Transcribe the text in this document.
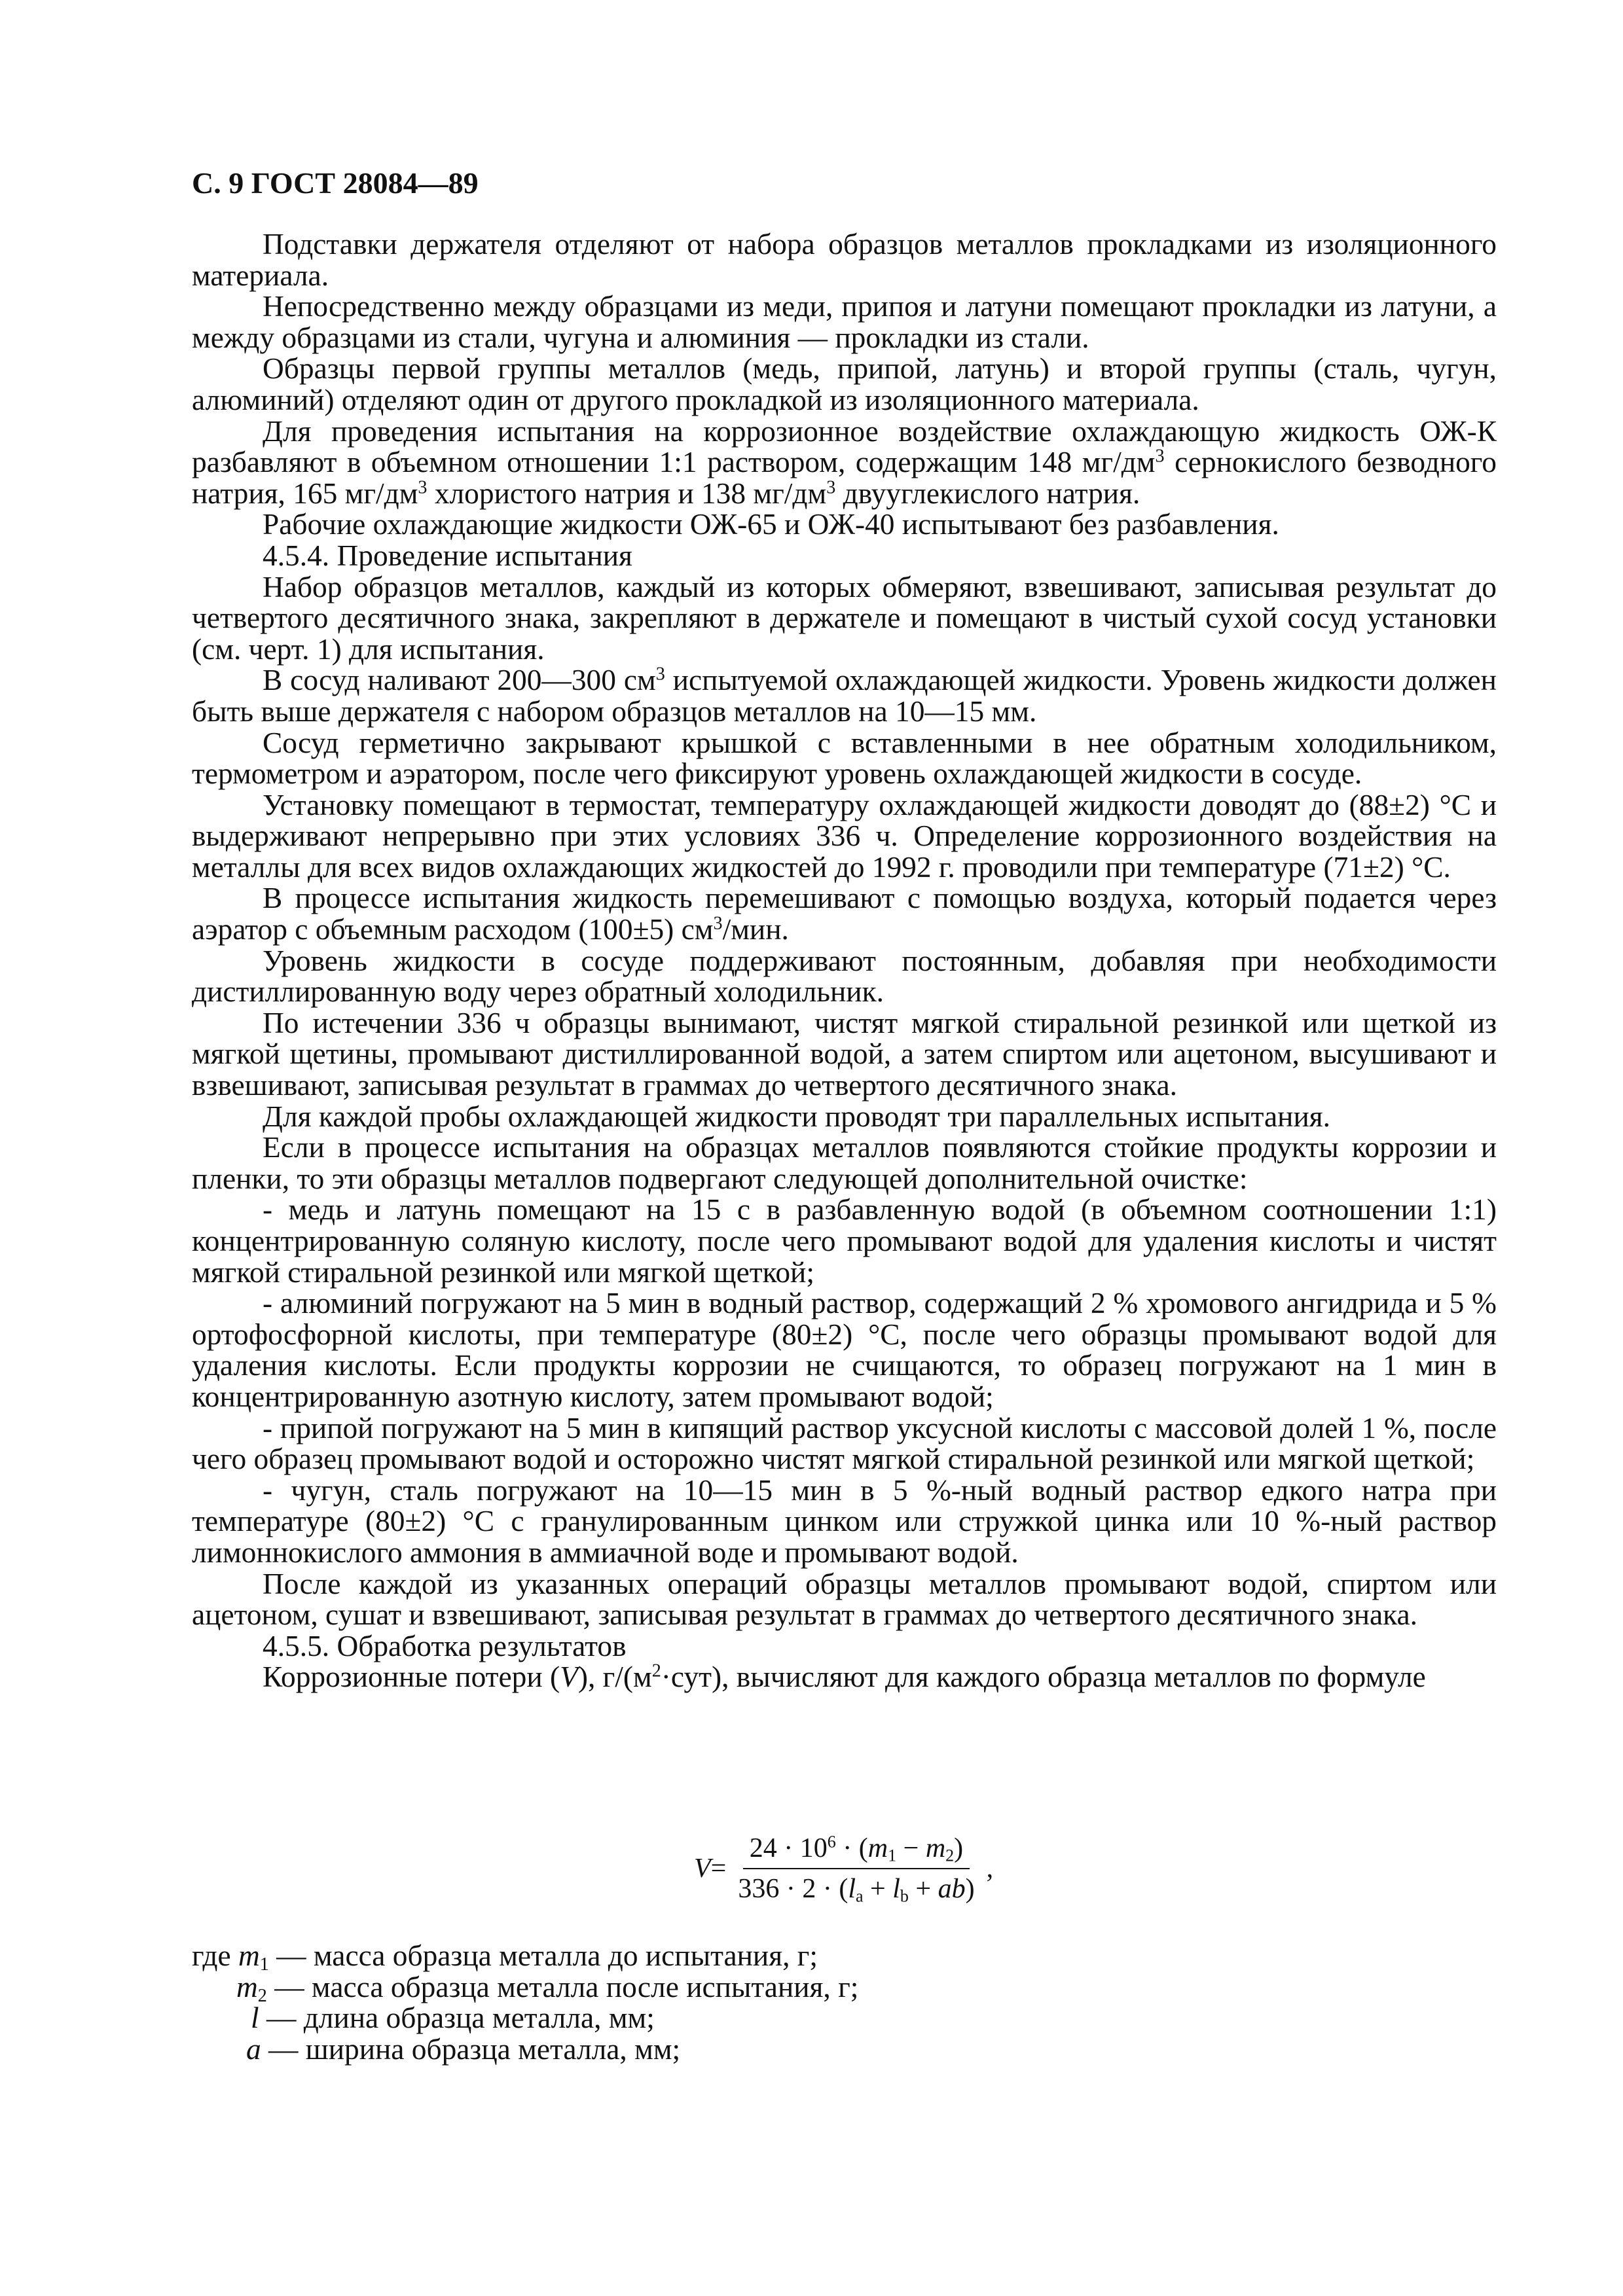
С. 9 ГОСТ 28084—89

Подставки держателя отделяют от набора образцов металлов прокладками из изоляционного материала.

Непосредственно между образцами из меди, припоя и латуни помещают прокладки из латуни, а между образцами из стали, чугуна и алюминия — прокладки из стали.

Образцы первой группы металлов (медь, припой, латунь) и второй группы (сталь, чугун, алюминий) отделяют один от другого прокладкой из изоляционного материала.

Для проведения испытания на коррозионное воздействие охлаждающую жидкость ОЖ-К разбавляют в объемном отношении 1:1 раствором, содержащим 148 $мг/дм^3$ сернокислого безводного натрия, 165 $мг/дм^3$ хлористого натрия и 138 $мг/дм^3$ двууглекислого натрия.

Рабочие охлаждающие жидкости ОЖ-65 и ОЖ-40 испытывают без разбавления.

4.5.4. Проведение испытания

Набор образцов металлов, каждый из которых обмеряют, взвешивают, записывая результат до четвертого десятичного знака, закрепляют в держателе и помещают в чистый сухой сосуд установки (см. черт. 1) для испытания.

В сосуд наливают 200—300 $см^3$ испытуемой охлаждающей жидкости. Уровень жидкости должен быть выше держателя с набором образцов металлов на 10—15 мм.

Сосуд герметично закрывают крышкой с вставленными в нее обратным холодильником, термометром и аэратором, после чего фиксируют уровень охлаждающей жидкости в сосуде.

Установку помещают в термостат, температуру охлаждающей жидкости доводят до (88±2) °С и выдерживают непрерывно при этих условиях 336 ч. Определение коррозионного воздействия на металлы для всех видов охлаждающих жидкостей до 1992 г. проводили при температуре (71±2) °С.

В процессе испытания жидкость перемешивают с помощью воздуха, который подается через аэратор с объемным расходом (100±5) $см^3$/мин.

Уровень жидкости в сосуде поддерживают постоянным, добавляя при необходимости дистиллированную воду через обратный холодильник.

По истечении 336 ч образцы вынимают, чистят мягкой стиральной резинкой или щеткой из мягкой щетины, промывают дистиллированной водой, а затем спиртом или ацетоном, высушивают и взвешивают, записывая результат в граммах до четвертого десятичного знака.

Для каждой пробы охлаждающей жидкости проводят три параллельных испытания.

Если в процессе испытания на образцах металлов появляются стойкие продукты коррозии и пленки, то эти образцы металлов подвергают следующей дополнительной очистке:

- медь и латунь помещают на 15 с в разбавленную водой (в объемном соотношении 1:1) концентрированную соляную кислоту, после чего промывают водой для удаления кислоты и чистят мягкой стиральной резинкой или мягкой щеткой;

- алюминий погружают на 5 мин в водный раствор, содержащий 2 % хромового ангидрида и 5 % ортофосфорной кислоты, при температуре (80±2) °С, после чего образцы промывают водой для удаления кислоты. Если продукты коррозии не счищаются, то образец погружают на 1 мин в концентрированную азотную кислоту, затем промывают водой;

- припой погружают на 5 мин в кипящий раствор уксусной кислоты с массовой долей 1 %, после чего образец промывают водой и осторожно чистят мягкой стиральной резинкой или мягкой щеткой;

- чугун, сталь погружают на 10—15 мин в 5 %-ный водный раствор едкого натра при температуре (80±2) °С с гранулированным цинком или стружкой цинка или 10 %-ный раствор лимоннокислого аммония в аммиачной воде и промывают водой.

После каждой из указанных операций образцы металлов промывают водой, спиртом или ацетоном, сушат и взвешивают, записывая результат в граммах до четвертого десятичного знака.

4.5.5. Обработка результатов

Коррозионные потери (V), $г/(м^2\cdot сут)$, вычисляют для каждого образца металлов по формуле

$V = \frac{24 \cdot 10^6 \cdot (m_1 - m_2)}{336 \cdot 2 \cdot (l_a + l_b + ab)}$ ,
где $m_1$ — масса образца металла до испытания, г;
$m_2$ — масса образца металла после испытания, г;
l — длина образца металла, мм;
a — ширина образца металла, мм;
